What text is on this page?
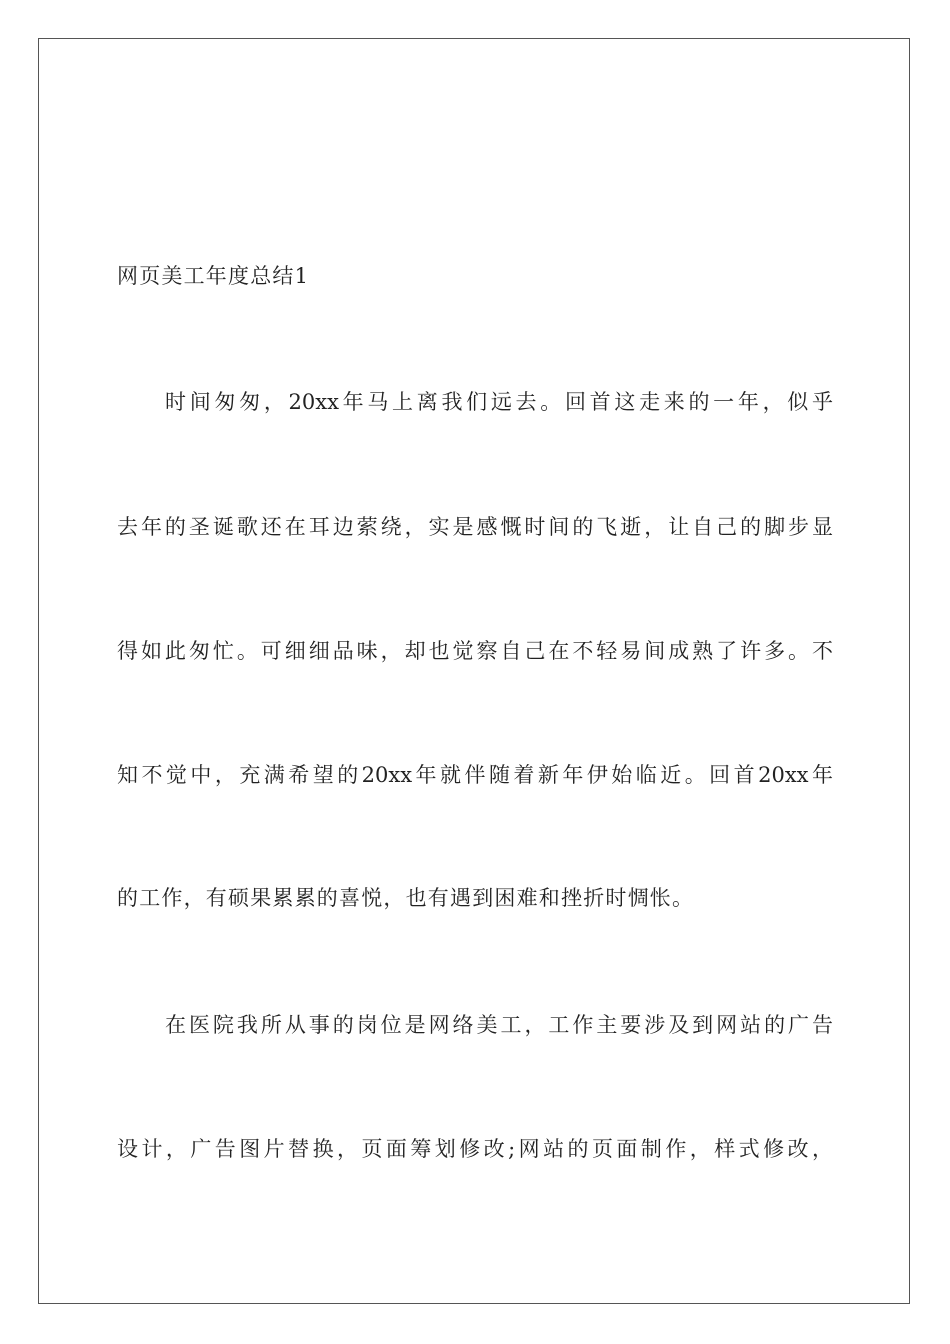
网页美工年度总结1
时间匆匆，20xx年马上离我们远去。回首这走来的一年，似乎
去年的圣诞歌还在耳边萦绕，实是感慨时间的飞逝，让自己的脚步显
得如此匆忙。可细细品味，却也觉察自己在不轻易间成熟了许多。不
知不觉中，充满希望的20xx年就伴随着新年伊始临近。回首20xx年
的工作，有硕果累累的喜悦，也有遇到困难和挫折时惆怅。
在医院我所从事的岗位是网络美工，工作主要涉及到网站的广告
设计，广告图片替换，页面筹划修改;网站的页面制作，样式修改，
